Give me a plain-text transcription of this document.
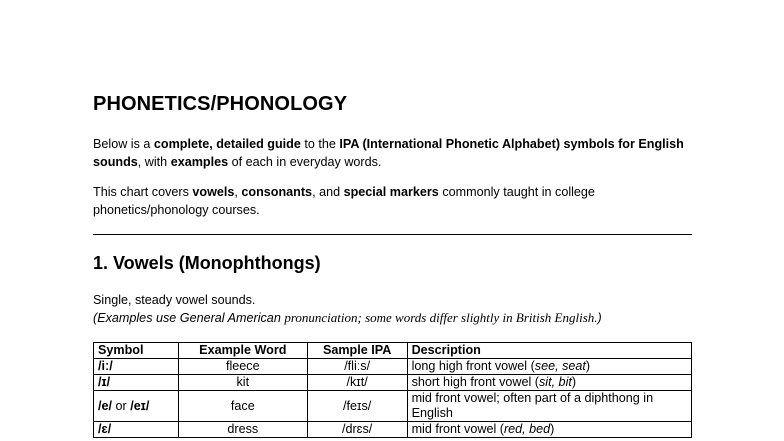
PHONETICS/PHONOLOGY
Below is a complete, detailed guide to the IPA (International Phonetic Alphabet) symbols for English sounds, with examples of each in everyday words.
This chart covers vowels, consonants, and special markers commonly taught in college phonetics/phonology courses.
1. Vowels (Monophthongs)
Single, steady vowel sounds.
(Examples use General American pronunciation; some words differ slightly in British English.)
Symbol	Example Word	Sample IPA	Description
/iː/	fleece	/fliːs/	long high front vowel (see, seat)
/ɪ/	kit	/kɪt/	short high front vowel (sit, bit)
/e/ or /eɪ/	face	/feɪs/	mid front vowel; often part of a diphthong in English
/ɛ/	dress	/drɛs/	mid front vowel (red, bed)
